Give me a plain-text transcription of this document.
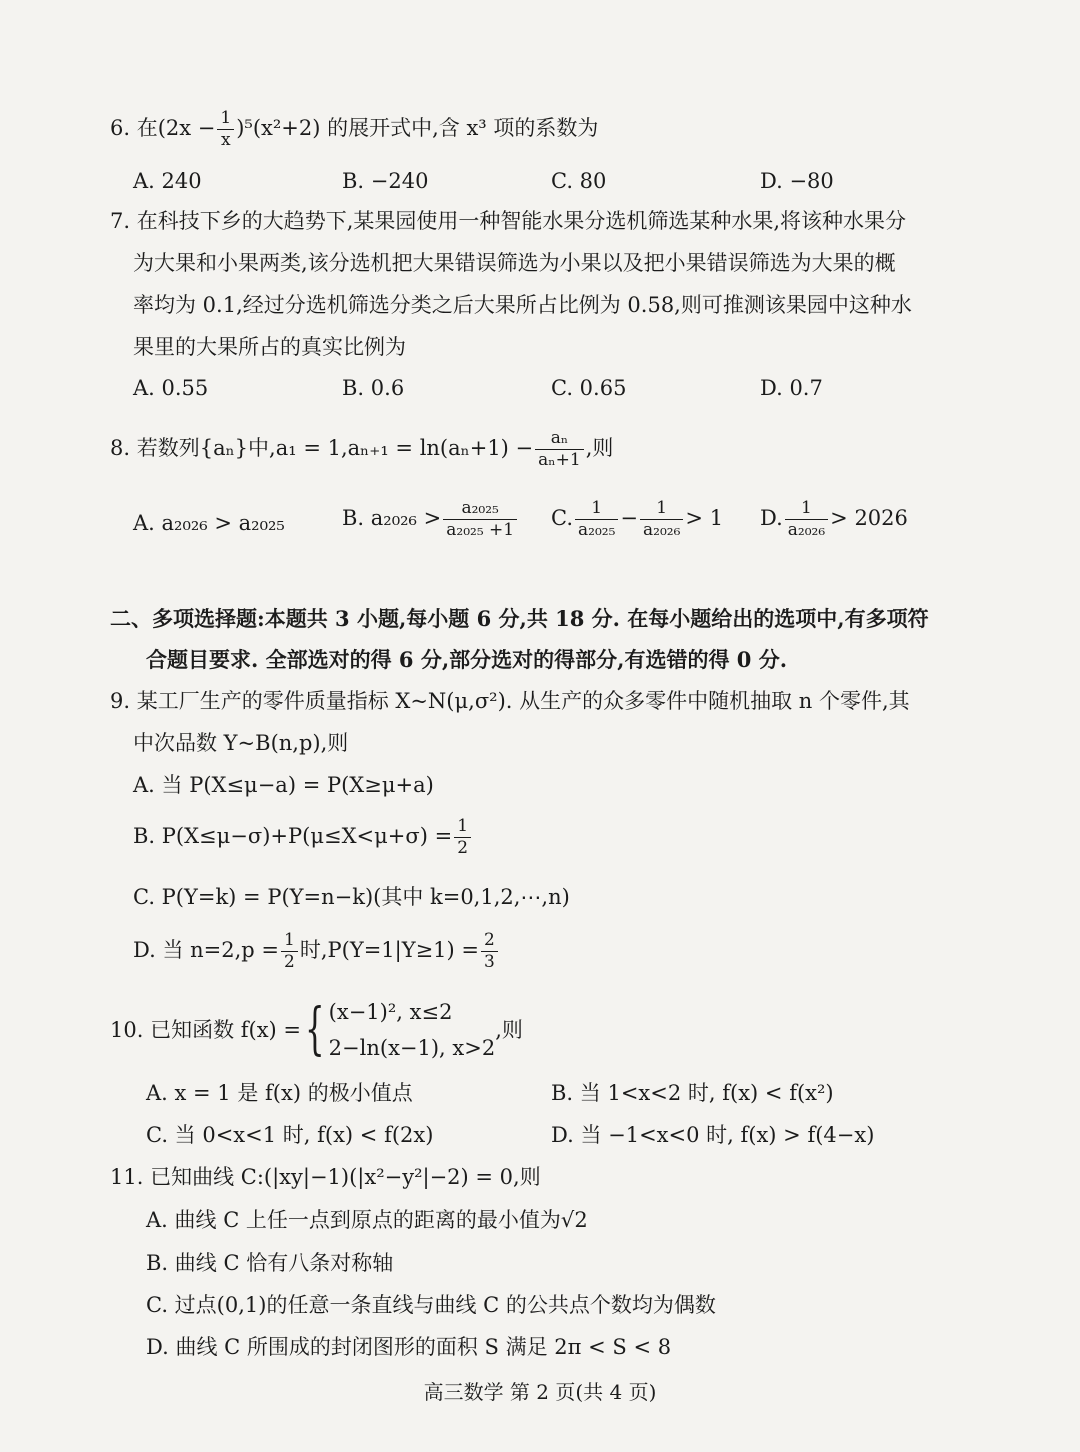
6. 在$(2x - \frac{1}{x} )^5(x^2+2)$ 的展开式中,含 x³ 项的系数为
A. 240	B. −240	C. 80	D. −80
7. 在科技下乡的大趋势下,某果园使用一种智能水果分选机筛选某种水果,将该种水果分
为大果和小果两类,该分选机把大果错误筛选为小果以及把小果错误筛选为大果的概
率均为 0.1,经过分选机筛选分类之后大果所占比例为 0.58,则可推测该果园中这种水
果里的大果所占的真实比例为
A. 0.55	B. 0.6	C. 0.65	D. 0.7
8. 若数列{aₙ}中$,a_1 = 1,a_{n+1} = \ln(a_n+1) - \frac{\text{aₙ}}{\text{aₙ+1}}$ ,则
A. a₂₀₂₆ > a₂₀₂₅	B. $a_{2026} > \frac{\text{a₂₀₂₅}}{\text{a₂₀₂₅ +1}} C$. $\frac{1}{\text{a₂₀₂₅}} - \frac{1}{\text{a₂₀₂₆}} > 1$ D. $\frac{1}{\text{a₂₀₂₆}} > 2026$
二、多项选择题:本题共 3 小题,每小题 6 分,共 18 分. 在每小题给出的选项中,有多项符
合题目要求. 全部选对的得 6 分,部分选对的得部分,有选错的得 0 分.
9. 某工厂生产的零件质量指标 X~N(μ,σ²). 从生产的众多零件中随机抽取 n 个零件,其
中次品数 Y~B(n,p),则
A. 当 P(X≤μ−a) = P(X≥μ+a)
B. $P(X\le\mu-\sigma)+P(\mu\le X<\mu+\sigma) = \frac{1}{2}$
C. P(Y=k) = P(Y=n−k)(其中 k=0,1,2,⋯,n)
D. 当 $n=2,p = \frac{1}{2}$ 时$,P(Y=1|Y\ge 1) = \frac{2}{3}$
10. 已知函数 f(x) ={ (x−1)², x≤2
2−ln(x−1), x>2
,则
A. x = 1 是 f(x) 的极小值点	B. 当 1<x<2 时, f(x) < f(x²)
C. 当 0<x<1 时, f(x) < f(2x)	D. 当 −1<x<0 时, f(x) > f(4−x)
11. 已知曲线 C:(|xy|−1)(|x²−y²|−2) = 0,则
A. 曲线 C 上任一点到原点的距离的最小值为√2
B. 曲线 C 恰有八条对称轴
C. 过点(0,1)的任意一条直线与曲线 C 的公共点个数均为偶数
D. 曲线 C 所围成的封闭图形的面积 S 满足 2π < S < 8
高三数学 第 2 页(共 4 页)
